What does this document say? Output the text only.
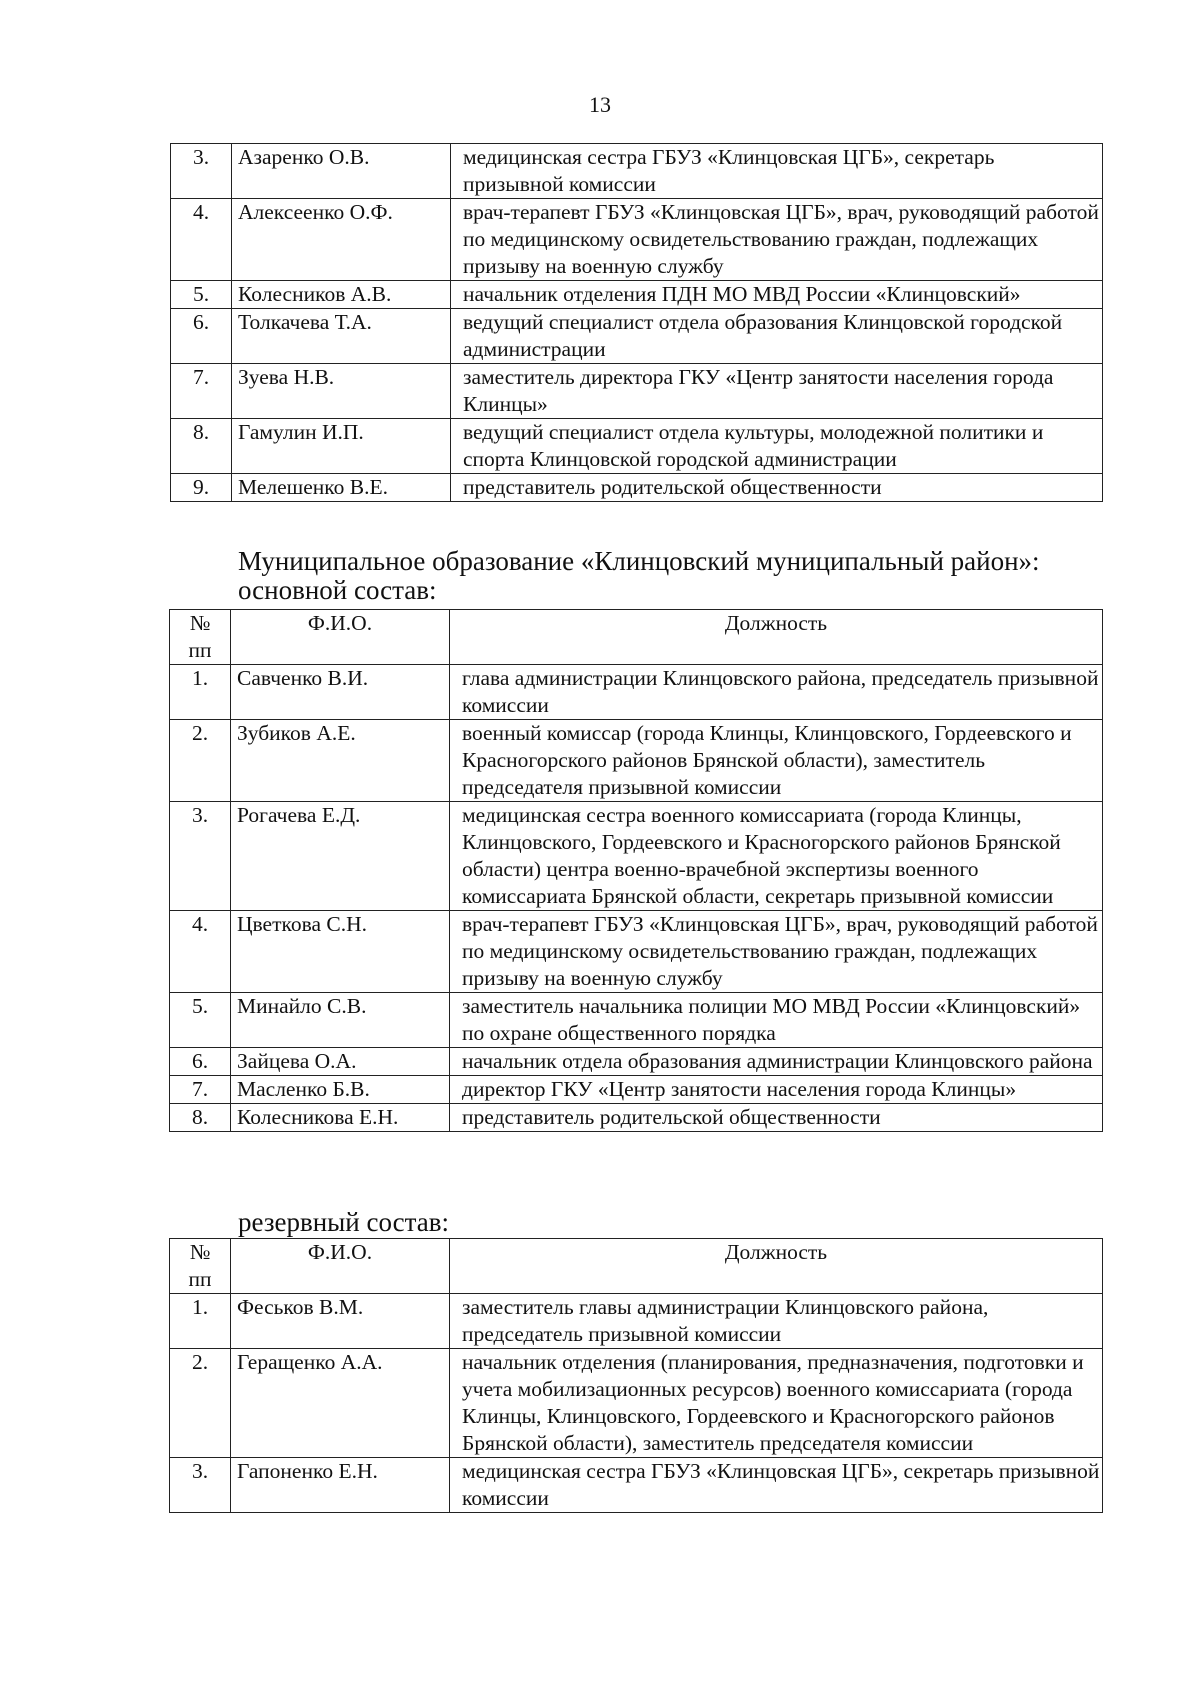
13
3.	Азаренко О.В.	медицинская сестра ГБУЗ «Клинцовская ЦГБ», секретарь призывной комиссии
4.	Алексеенко О.Ф.	врач-терапевт ГБУЗ «Клинцовская ЦГБ», врач, руководящий работой по медицинскому освидетельствованию граждан, подлежащих призыву на военную службу
5.	Колесников А.В.	начальник отделения ПДН МО МВД России «Клинцовский»
6.	Толкачева Т.А.	ведущий специалист отдела образования Клинцовской городской администрации
7.	Зуева Н.В.	заместитель директора ГКУ «Центр занятости населения города Клинцы»
8.	Гамулин И.П.	ведущий специалист отдела культуры, молодежной политики и спорта Клинцовской городской администрации
9.	Мелешенко В.Е.	представитель родительской общественности
Муниципальное образование «Клинцовский муниципальный район»:
основной состав:
№ пп	Ф.И.О.	Должность
1.	Савченко В.И.	глава администрации Клинцовского района, председатель призывной комиссии
2.	Зубиков А.Е.	военный комиссар (города Клинцы, Клинцовского, Гордеевского и Красногорского районов Брянской области), заместитель председателя призывной комиссии
3.	Рогачева Е.Д.	медицинская сестра военного комиссариата (города Клинцы, Клинцовского, Гордеевского и Красногорского районов Брянской области) центра военно-врачебной экспертизы военного комиссариата Брянской области, секретарь призывной комиссии
4.	Цветкова С.Н.	врач-терапевт ГБУЗ «Клинцовская ЦГБ», врач, руководящий работой по медицинскому освидетельствованию граждан, подлежащих призыву на военную службу
5.	Минайло С.В.	заместитель начальника полиции МО МВД России «Клинцовский» по охране общественного порядка
6.	Зайцева О.А.	начальник отдела образования администрации Клинцовского района
7.	Масленко Б.В.	директор ГКУ «Центр занятости населения города Клинцы»
8.	Колесникова Е.Н.	представитель родительской общественности
резервный состав:
№ пп	Ф.И.О.	Должность
1.	Феськов В.М.	заместитель главы администрации Клинцовского района, председатель призывной комиссии
2.	Геращенко А.А.	начальник отделения (планирования, предназначения, подготовки и учета мобилизационных ресурсов) военного комиссариата (города Клинцы, Клинцовского, Гордеевского и Красногорского районов Брянской области), заместитель председателя комиссии
3.	Гапоненко Е.Н.	медицинская сестра ГБУЗ «Клинцовская ЦГБ», секретарь призывной комиссии
